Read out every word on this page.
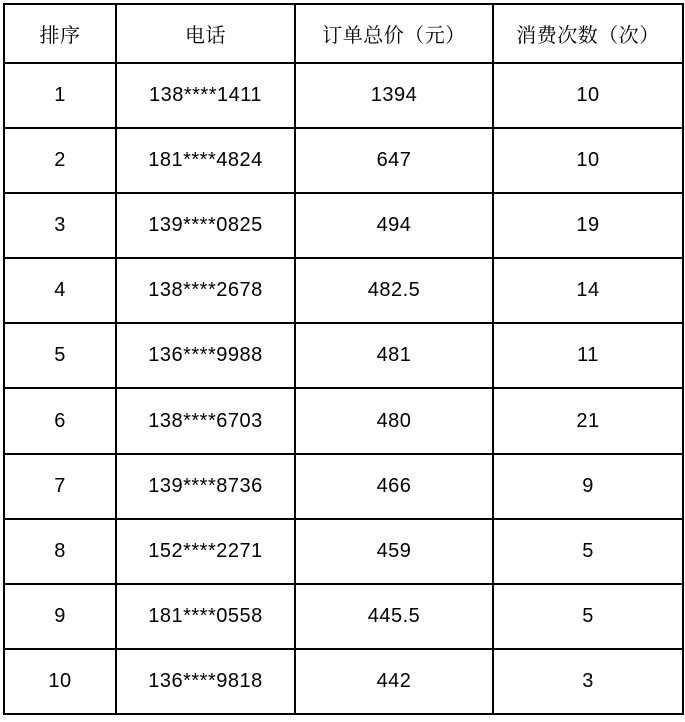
排序	电话	订单总价（元）	消费次数（次）
1	138****1411	1394	10
2	181****4824	647	10
3	139****0825	494	19
4	138****2678	482.5	14
5	136****9988	481	11
6	138****6703	480	21
7	139****8736	466	9
8	152****2271	459	5
9	181****0558	445.5	5
10	136****9818	442	3
